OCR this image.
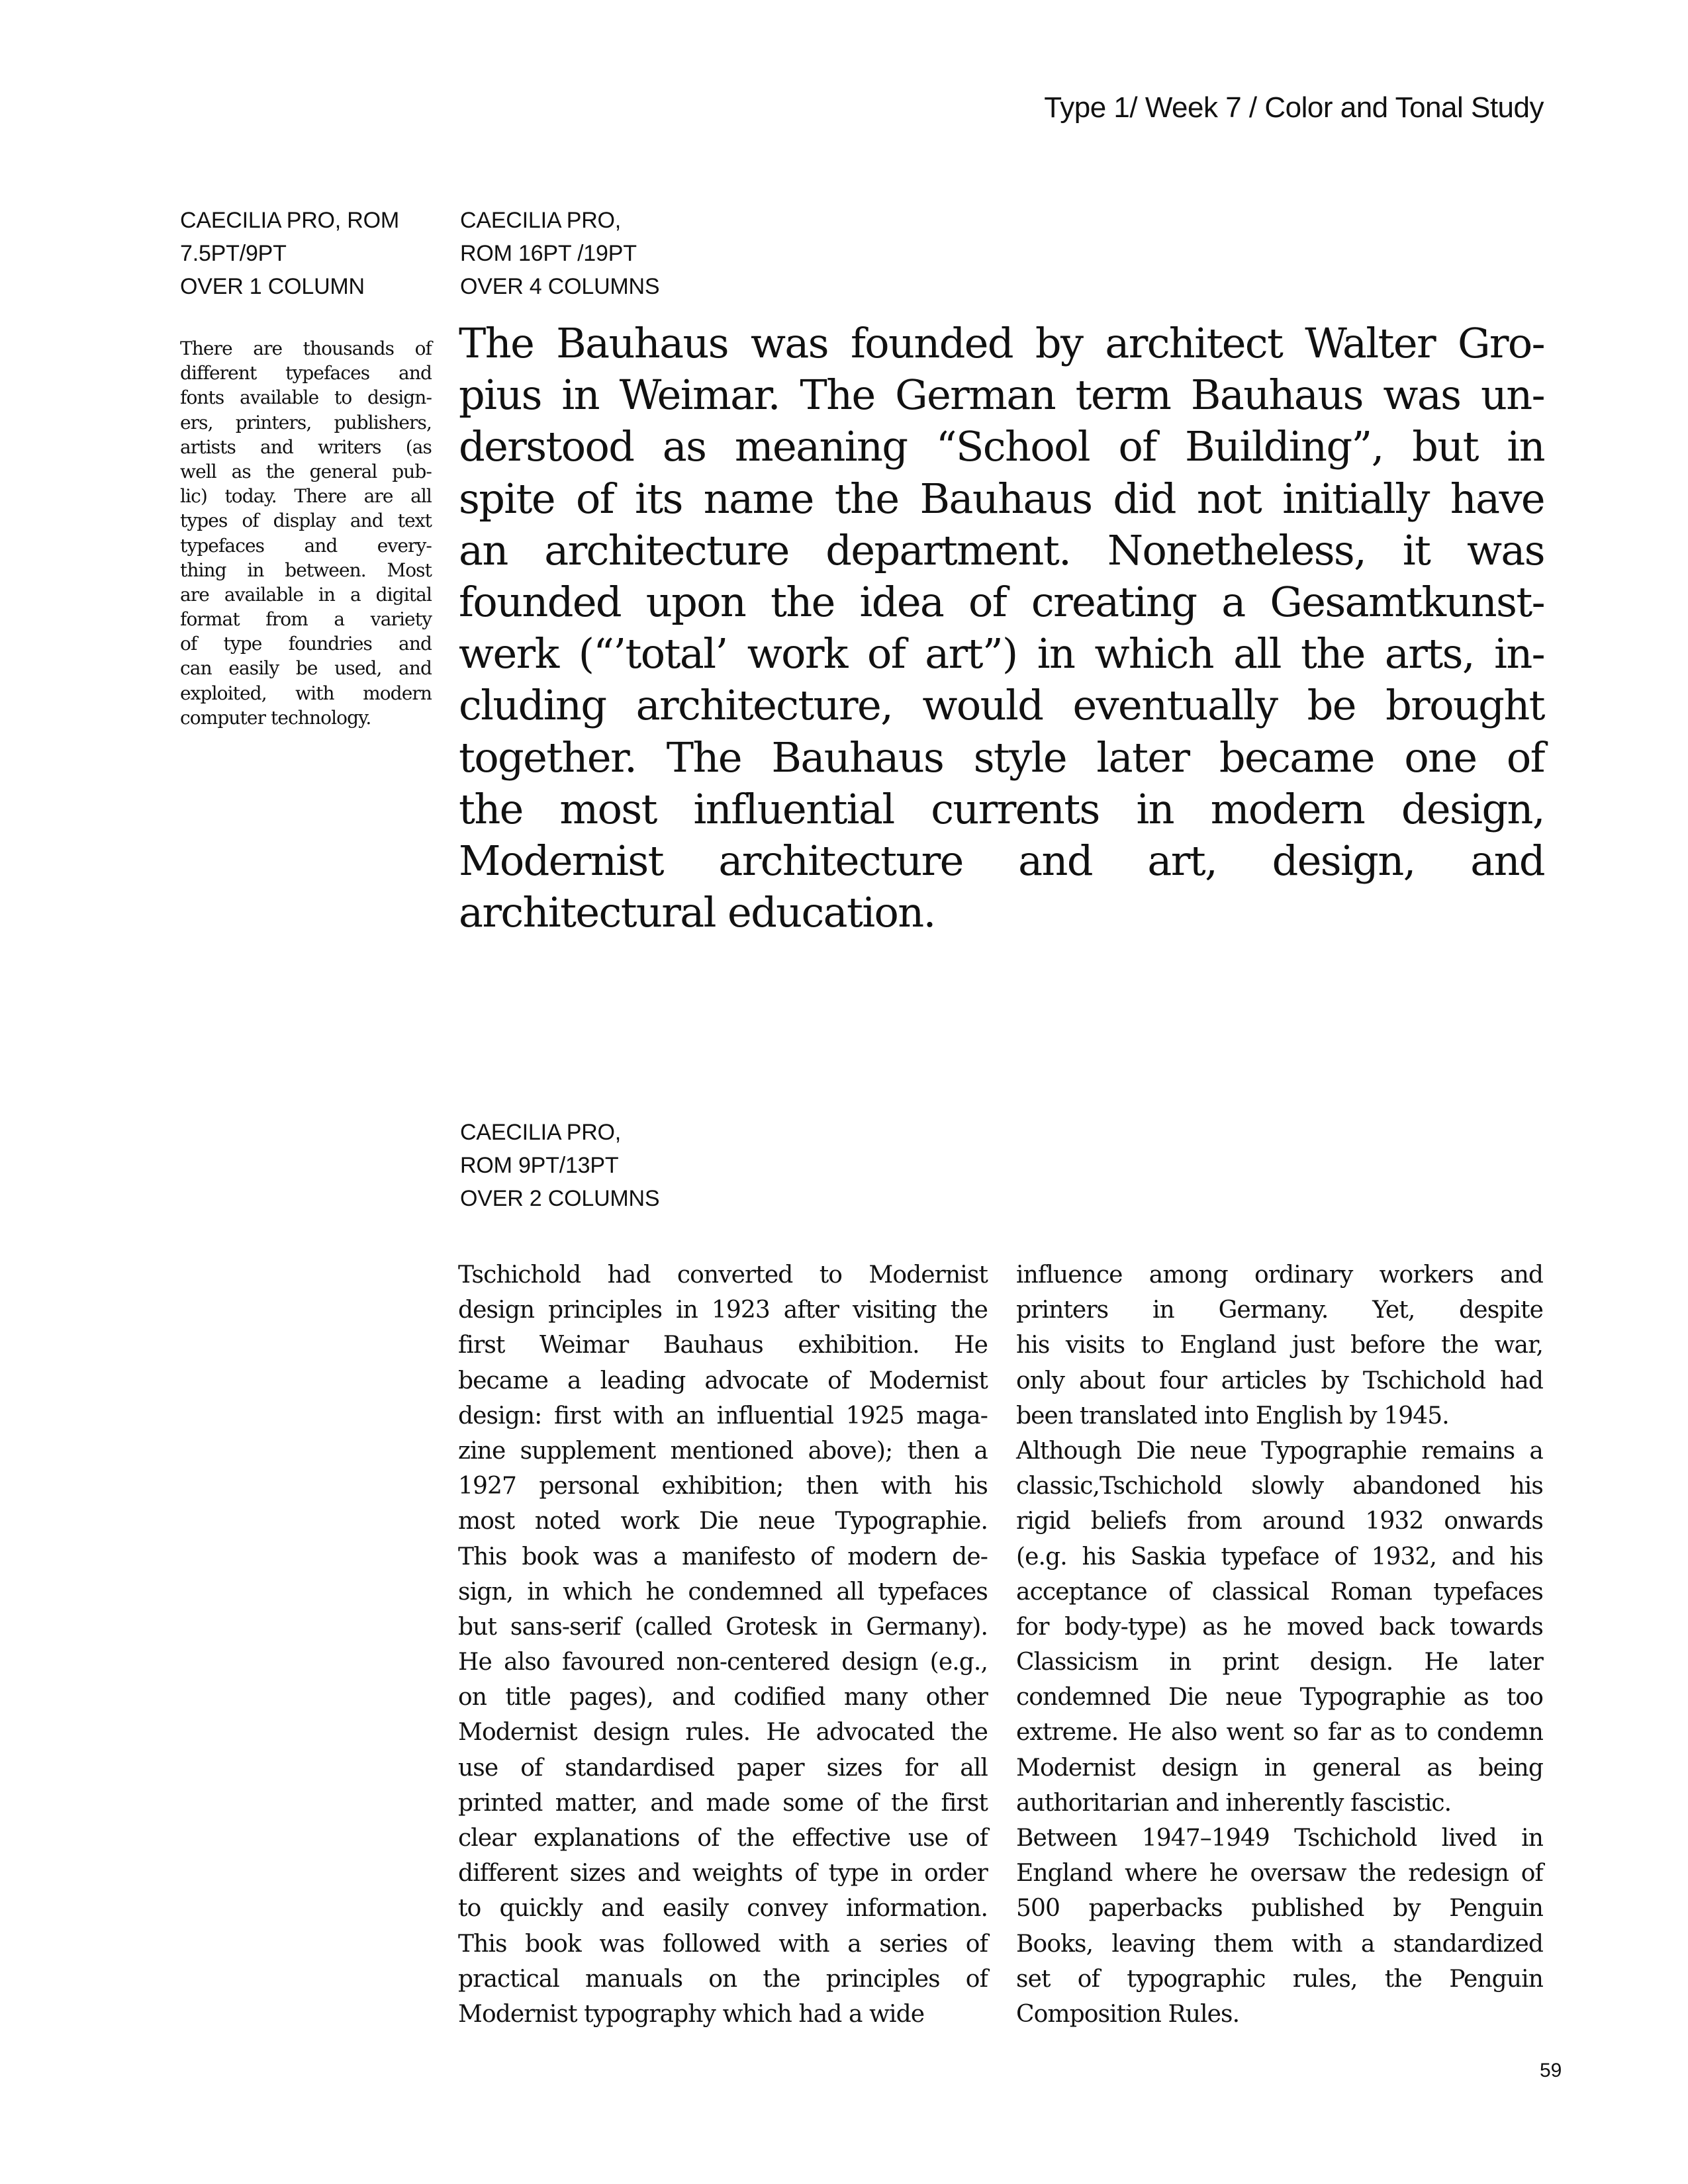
Type 1/ Week 7 / Color and Tonal Study
CAECILIA PRO, ROM
7.5PT/9PT
OVER 1 COLUMN
CAECILIA PRO,
ROM 16PT /19PT
OVER 4 COLUMNS
There are thousands of
different typefaces and
fonts available to design-
ers, printers, publishers,
artists and writers (as
well as the general pub-
lic) today. There are all
types of display and text
typefaces and every-
thing in between. Most
are available in a digital
format from a variety
of type foundries and
can easily be used, and
exploited, with modern
computer technology.
The Bauhaus was founded by architect Walter Gro-
pius in Weimar. The German term Bauhaus was un-
derstood as meaning “School of Building”, but in
spite of its name the Bauhaus did not initially have
an architecture department. Nonetheless, it was
founded upon the idea of creating a Gesamtkunst-
werk (“’total’ work of art”) in which all the arts, in-
cluding architecture, would eventually be brought
together. The Bauhaus style later became one of
the most influential currents in modern design,
Modernist architecture and art, design, and
architectural education.
CAECILIA PRO,
ROM 9PT/13PT
OVER 2 COLUMNS
Tschichold had converted to Modernist
design principles in 1923 after visiting the
first Weimar Bauhaus exhibition. He
became a leading advocate of Modernist
design: first with an influential 1925 maga-
zine supplement mentioned above); then a
1927 personal exhibition; then with his
most noted work Die neue Typographie.
This book was a manifesto of modern de-
sign, in which he condemned all typefaces
but sans-serif (called Grotesk in Germany).
He also favoured non-centered design (e.g.,
on title pages), and codified many other
Modernist design rules. He advocated the
use of standardised paper sizes for all
printed matter, and made some of the first
clear explanations of the effective use of
different sizes and weights of type in order
to quickly and easily convey information.
This book was followed with a series of
practical manuals on the principles of
Modernist typography which had a wide
influence among ordinary workers and
printers in Germany. Yet, despite
his visits to England just before the war,
only about four articles by Tschichold had
been translated into English by 1945.
Although Die neue Typographie remains a
classic,Tschichold slowly abandoned his
rigid beliefs from around 1932 onwards
(e.g. his Saskia typeface of 1932, and his
acceptance of classical Roman typefaces
for body-type) as he moved back towards
Classicism in print design. He later
condemned Die neue Typographie as too
extreme. He also went so far as to condemn
Modernist design in general as being
authoritarian and inherently fascistic.
Between 1947–1949 Tschichold lived in
England where he oversaw the redesign of
500 paperbacks published by Penguin
Books, leaving them with a standardized
set of typographic rules, the Penguin
Composition Rules.
59
